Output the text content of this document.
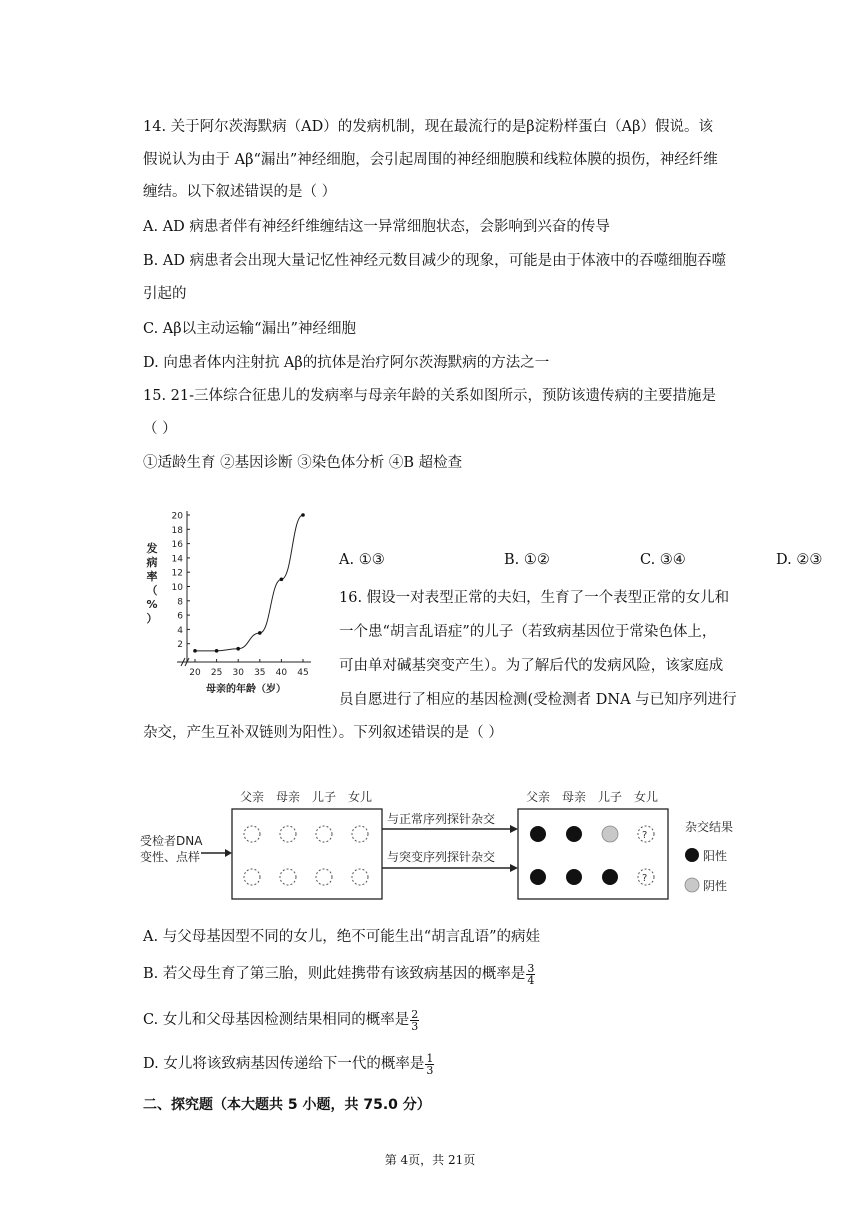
14. 关于阿尔茨海默病（AD）的发病机制，现在最流行的是β淀粉样蛋白（Aβ）假说。该
假说认为由于 Aβ“漏出”神经细胞，会引起周围的神经细胞膜和线粒体膜的损伤，神经纤维
缠结。以下叙述错误的是（ ）
A. AD 病患者伴有神经纤维缠结这一异常细胞状态，会影响到兴奋的传导
B. AD 病患者会出现大量记忆性神经元数目减少的现象，可能是由于体液中的吞噬细胞吞噬
引起的
C. Aβ以主动运输“漏出”神经细胞
D. 向患者体内注射抗 Aβ的抗体是治疗阿尔茨海默病的方法之一
15. 21-三体综合征患儿的发病率与母亲年龄的关系如图所示，预防该遗传病的主要措施是
（ ）
①适龄生育 ②基因诊断 ③染色体分析 ④B 超检查
2
4
6
8
10
12
14
16
18
20
20 25 30 35 40 45
发
病
率
（
%
）
母亲的年龄（岁）
A. ①③	B. ①②	C. ③④	D. ②③
16. 假设一对表型正常的夫妇，生育了一个表型正常的女儿和
一个患“胡言乱语症”的儿子（若致病基因位于常染色体上，
可由单对碱基突变产生）。为了解后代的发病风险，该家庭成
员自愿进行了相应的基因检测(受检测者 DNA 与已知序列进行
杂交，产生互补双链则为阳性）。下列叙述错误的是（ ）
受检者DNA
变性、点样
父亲 母亲 儿子 女儿
与正常序列探针杂交
与突变序列探针杂交
父亲 母亲 儿子 女儿
?
?
杂交结果
阳性
阴性
A. 与父母基因型不同的女儿，绝不可能生出“胡言乱语”的病娃
B. 若父母生育了第三胎，则此娃携带有该致病基因的概率是 $\frac{3}{4}$
C. 女儿和父母基因检测结果相同的概率是 $\frac{2}{3}$
D. 女儿将该致病基因传递给下一代的概率是 $\frac{1}{3}$
二、探究题（本大题共 5 小题，共 75.0 分）
第 4页，共 21页
